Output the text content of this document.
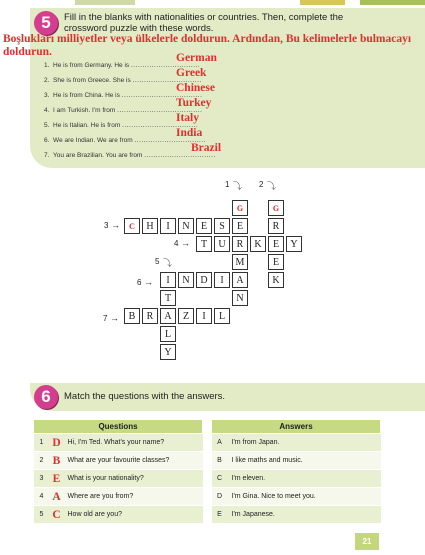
5	Fill in the blanks with nationalities or countries. Then, complete the crossword puzzle with these words.
Boşlukları milliyetler veya ülkelerle doldurun. Ardından, Bu kelimelerle bulmacayı doldurun.
1. He is from Germany. He is ..............................
German
2. She is from Greece. She is ..............................
Greek
3. He is from China. He is ...................................
Chinese
4. I am Turkish. I'm from .....................................
Turkey
5. He is Italian. He is from .................................
Italy
6. We are Indian. We are from ...............................
India
7. You are Brazilian. You are from ...............................
Brazil
G	G
C	H	I	N	E	S	E	R
T	U	R	K	E	Y
M	E
I	N	D	I	A	K
T	N
B	R	A	Z	I	L
L
Y
1 ⤵ 2 ⤵
3 →
4 →
5 ⤵
6 →
7 →
6	Match the questions with the answers.
Questions		
1	D	Hi, I'm Ted. What's your name?
2	B	What are your favourite classes?
3	E	What is your nationality?
4	A	Where are you from?
5	C	How old are you?
Answers	
A	I'm from Japan.
B	I like maths and music.
C	I'm eleven.
D	I'm Gina. Nice to meet you.
E	I'm Japanese.
21
